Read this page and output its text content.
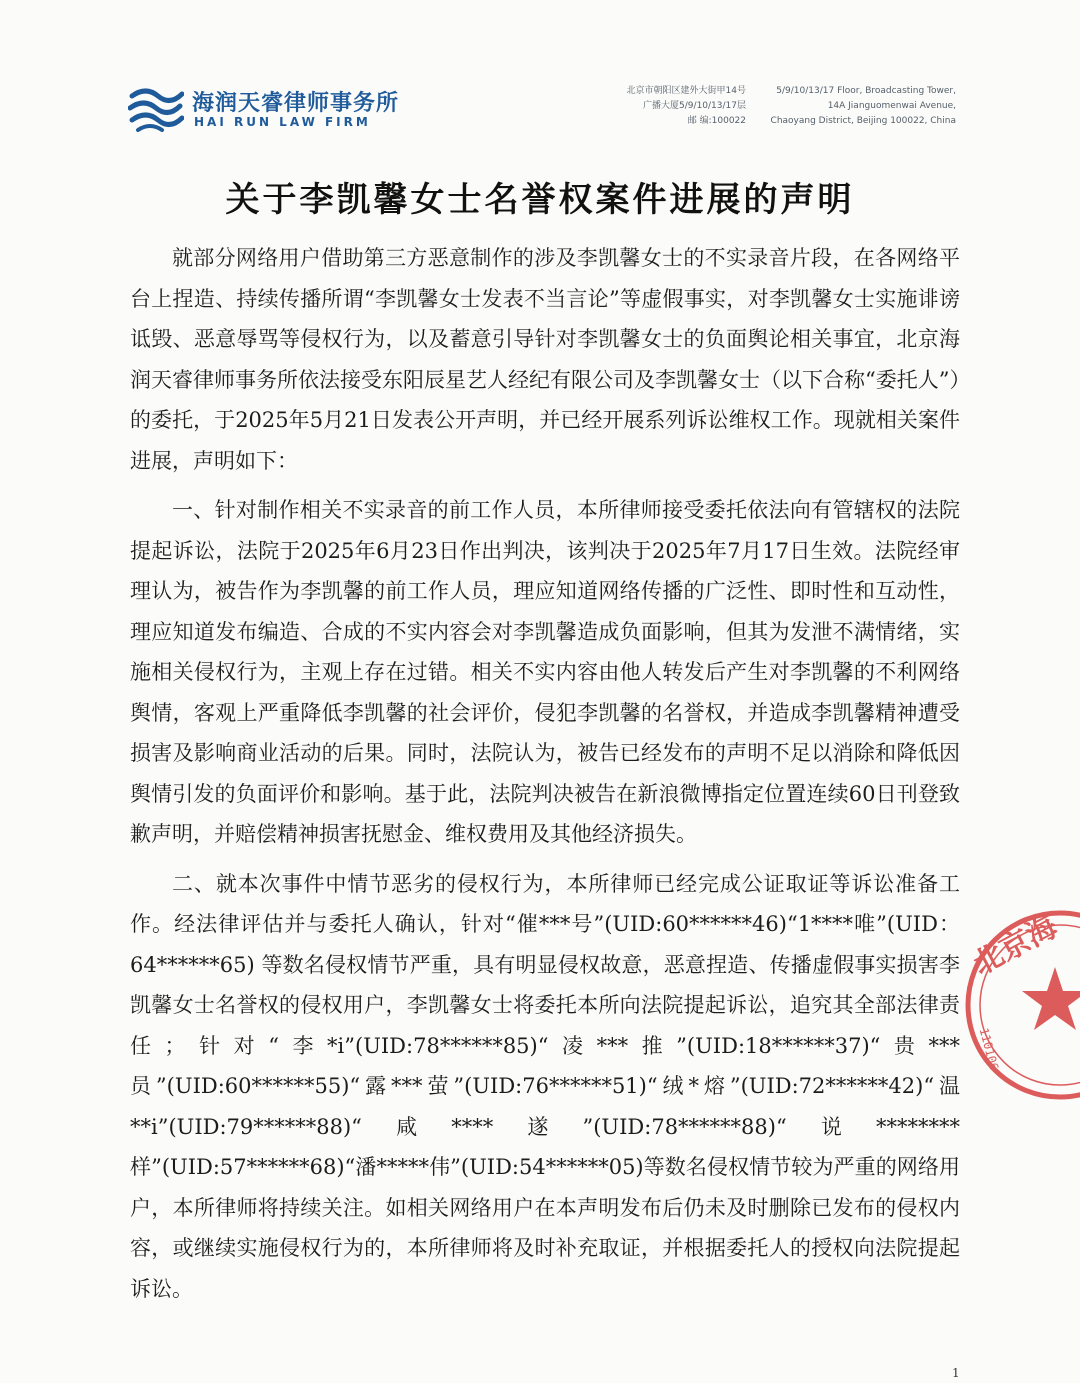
海润天睿律师事务所
HAI RUN LAW FIRM
北京市朝阳区建外大街甲14号
广播大厦5/9/10/13/17层
邮 编:100022
5/9/10/13/17 Floor, Broadcasting Tower,
14A Jianguomenwai Avenue,
Chaoyang District, Beijing 100022, China
关于李凯馨女士名誉权案件进展的声明

就部分网络用户借助第三方恶意制作的涉及李凯馨女士的不实录音片段，在各网络平台上捏造、持续传播所谓“李凯馨女士发表不当言论”等虚假事实，对李凯馨女士实施诽谤诋毁、恶意辱骂等侵权行为，以及蓄意引导针对李凯馨女士的负面舆论相关事宜，北京海润天睿律师事务所依法接受东阳辰星艺人经纪有限公司及李凯馨女士（以下合称“委托人”）的委托，于2025年5月21日发表公开声明，并已经开展系列诉讼维权工作。现就相关案件进展，声明如下：

一、针对制作相关不实录音的前工作人员，本所律师接受委托依法向有管辖权的法院提起诉讼，法院于2025年6月23日作出判决，该判决于2025年7月17日生效。法院经审理认为，被告作为李凯馨的前工作人员，理应知道网络传播的广泛性、即时性和互动性，理应知道发布编造、合成的不实内容会对李凯馨造成负面影响，但其为发泄不满情绪，实施相关侵权行为，主观上存在过错。相关不实内容由他人转发后产生对李凯馨的不利网络舆情，客观上严重降低李凯馨的社会评价，侵犯李凯馨的名誉权，并造成李凯馨精神遭受损害及影响商业活动的后果。同时，法院认为，被告已经发布的声明不足以消除和降低因舆情引发的负面评价和影响。基于此，法院判决被告在新浪微博指定位置连续60日刊登致歉声明，并赔偿精神损害抚慰金、维权费用及其他经济损失。

二、就本次事件中情节恶劣的侵权行为，本所律师已经完成公证取证等诉讼准备工作。经法律评估并与委托人确认，针对“催***号”(UID:60******46)“1****唯”(UID：64******65) 等数名侵权情节严重，具有明显侵权故意，恶意捏造、传播虚假事实损害李凯馨女士名誉权的侵权用户，李凯馨女士将委托本所向法院提起诉讼，追究其全部法律责任；针对“李*i”(UID:78******85)“凌***推”(UID:18******37)“贵***员”(UID:60******55)“露***萤”(UID:76******51)“绒*熔”(UID:72******42)“温**i”(UID:79******88)“咸****遂”(UID:78******88)“说********样”(UID:57******68)“潘*****伟”(UID:54******05)等数名侵权情节较为严重的网络用户，本所律师将持续关注。如相关网络用户在本声明发布后仍未及时删除已发布的侵权内容，或继续实施侵权行为的，本所律师将及时补充取证，并根据委托人的授权向法院提起诉讼。

北京海
110106
1
